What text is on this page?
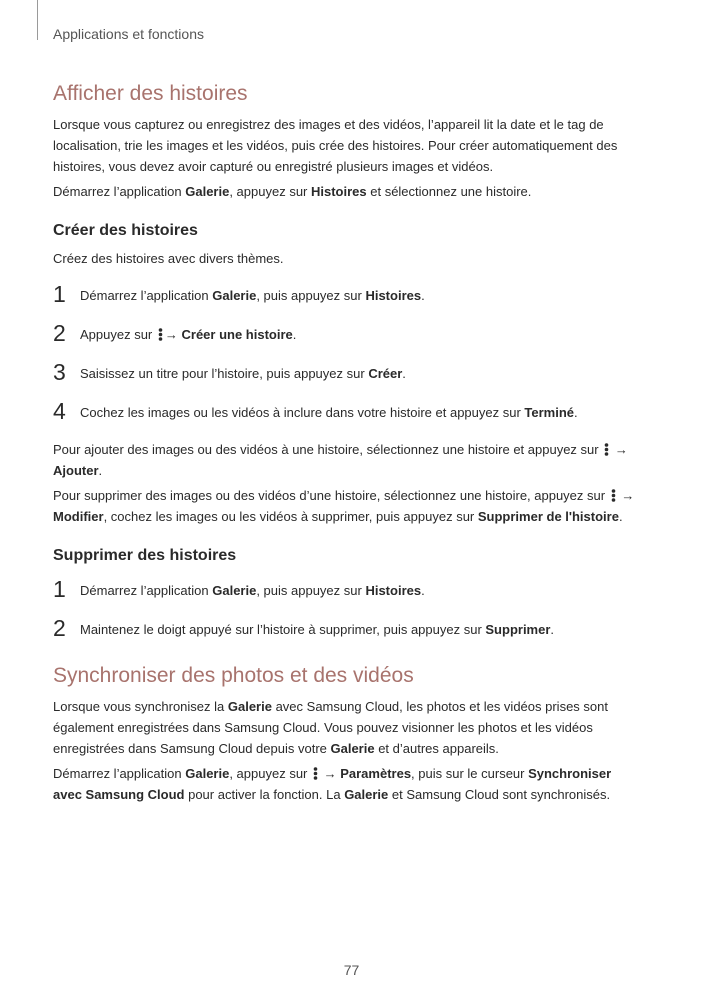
Applications et fonctions
Afficher des histoires

Lorsque vous capturez ou enregistrez des images et des vidéos, l’appareil lit la date et le tag de localisation, trie les images et les vidéos, puis crée des histoires. Pour créer automatiquement des histoires, vous devez avoir capturé ou enregistré plusieurs images et vidéos.

Démarrez l’application Galerie, appuyez sur Histoires et sélectionnez une histoire.

Créer des histoires

Créez des histoires avec divers thèmes.

1	Démarrez l’application Galerie, puis appuyez sur Histoires.
2	Appuyez sur
→ Créer une histoire.
3	Saisissez un titre pour l’histoire, puis appuyez sur Créer.
4	Cochez les images ou les vidéos à inclure dans votre histoire et appuyez sur Terminé.

Pour ajouter des images ou des vidéos à une histoire, sélectionnez une histoire et appuyez sur
→ Ajouter.

Pour supprimer des images ou des vidéos d’une histoire, sélectionnez une histoire, appuyez sur
→ Modifier, cochez les images ou les vidéos à supprimer, puis appuyez sur Supprimer de l'histoire.

Supprimer des histoires
1	Démarrez l’application Galerie, puis appuyez sur Histoires.
2	Maintenez le doigt appuyé sur l’histoire à supprimer, puis appuyez sur Supprimer.
Synchroniser des photos et des vidéos

Lorsque vous synchronisez la Galerie avec Samsung Cloud, les photos et les vidéos prises sont également enregistrées dans Samsung Cloud. Vous pouvez visionner les photos et les vidéos enregistrées dans Samsung Cloud depuis votre Galerie et d’autres appareils.

Démarrez l’application Galerie, appuyez sur
→ Paramètres, puis sur le curseur Synchroniser avec Samsung Cloud pour activer la fonction. La Galerie et Samsung Cloud sont synchronisés.

77
